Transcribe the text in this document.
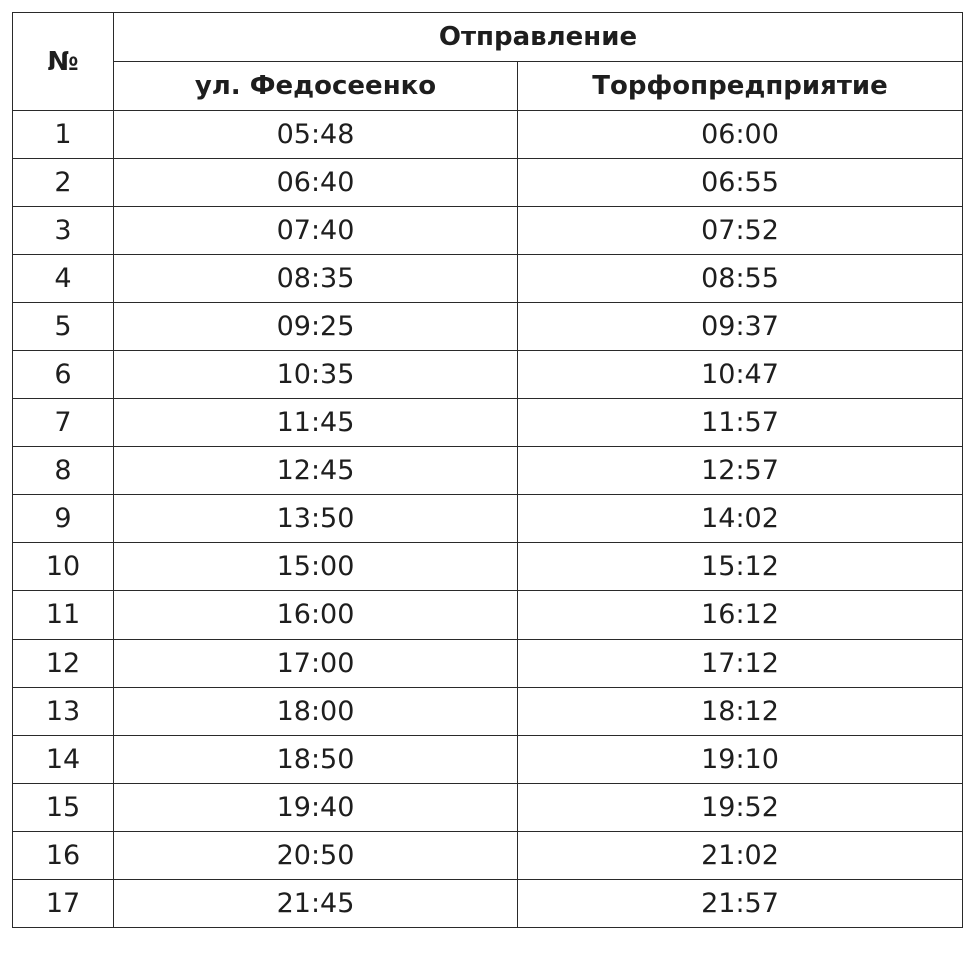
№	Отправление	
	ул. Федосеенко	Торфопредприятие
1	05:48	06:00
2	06:40	06:55
3	07:40	07:52
4	08:35	08:55
5	09:25	09:37
6	10:35	10:47
7	11:45	11:57
8	12:45	12:57
9	13:50	14:02
10	15:00	15:12
11	16:00	16:12
12	17:00	17:12
13	18:00	18:12
14	18:50	19:10
15	19:40	19:52
16	20:50	21:02
17	21:45	21:57
